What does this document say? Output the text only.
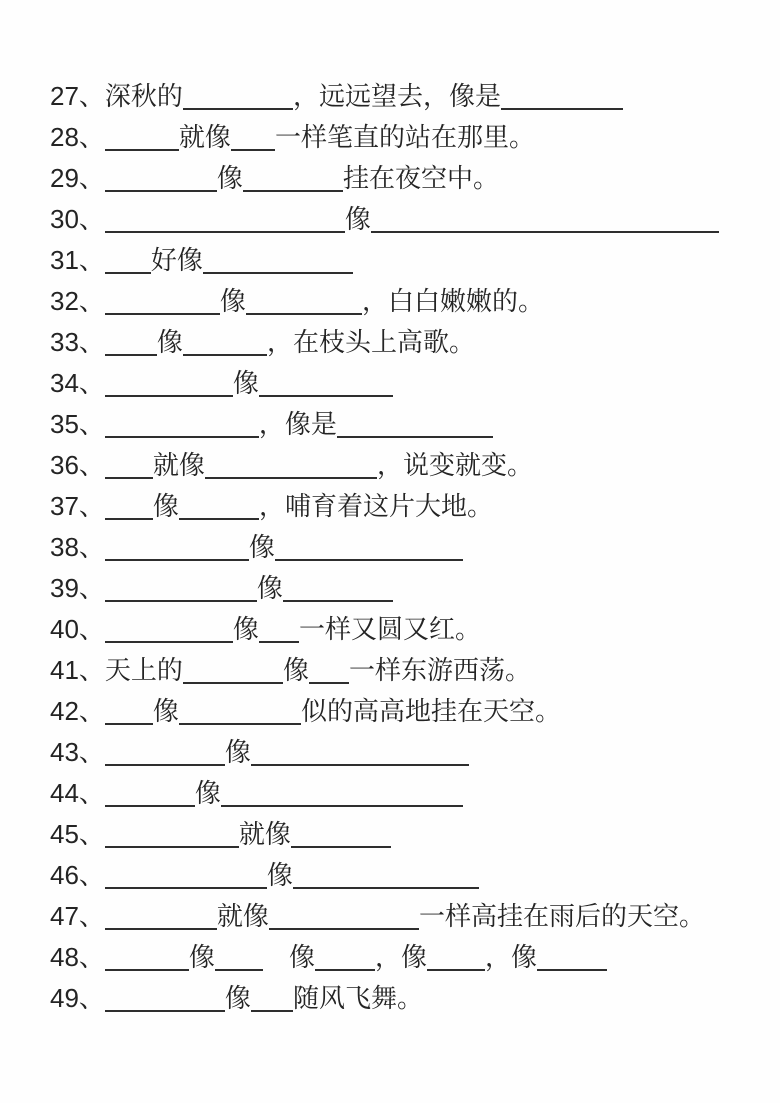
27、深秋的	，远远望去，像是
28、	就像 一样笔直的站在那里。
29、	像	挂在夜空中。
30、	像
31、 好像
32、	像	，白白嫩嫩的。
33、 像	，在枝头上高歌。
34、	像
35、	，像是
36、 就像	，说变就变。
37、 像	，哺育着这片大地。
38、	像
39、	像
40、	像 一样又圆又红。
41、天上的	像 一样东游西荡。
42、 像	似的高高地挂在天空。
43、	像
44、	像
45、	就像
46、	像
47、	就像	一样高挂在雨后的天空。
48、	像　像 ，像 ，像
49、	像 随风飞舞。
